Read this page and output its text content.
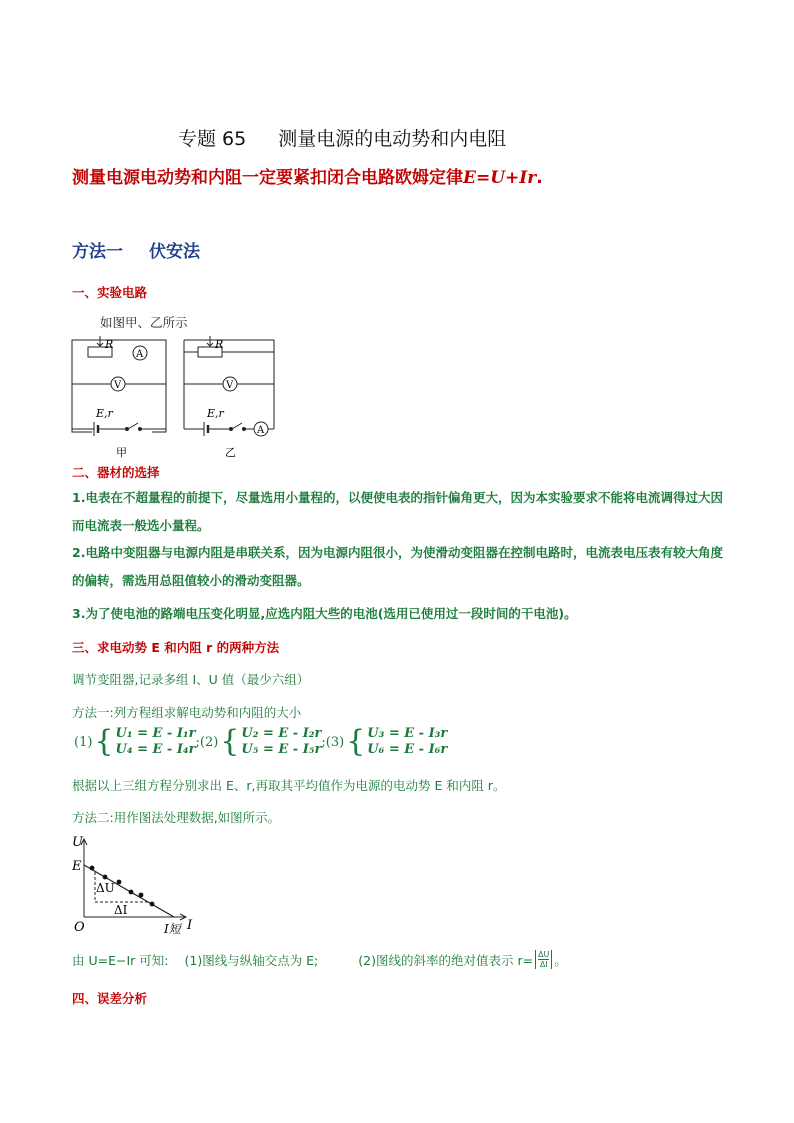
专题 65 测量电源的电动势和内电阻
测量电源电动势和内阻一定要紧扣闭合电路欧姆定律E=U+Ir.
方法一 伏安法
一、实验电路
如图甲、乙所示
R
A
V
E,r
甲
R
V
E,r
A
乙
二、器材的选择
1.电表在不超量程的前提下，尽量选用小量程的，以便使电表的指针偏角更大，因为本实验要求不能将电流调得过大因而电流表一般选小量程。
2.电路中变阻器与电源内阻是串联关系，因为电源内阻很小，为使滑动变阻器在控制电路时，电流表电压表有较大角度的偏转，需选用总阻值较小的滑动变阻器。
3.为了使电池的路端电压变化明显,应选内阻大些的电池(选用已使用过一段时间的干电池)。
三、求电动势 E 和内阻 r 的两种方法
调节变阻器,记录多组 I、U 值（最少六组）
方法一:列方程组求解电动势和内阻的大小
(1) { U₁ = E - I₁r
U₄ = E - I₄r ; (2) { U₂ = E - I₂r
U₅ = E - I₅r ; (3) { U₃ = E - I₃r
U₆ = E - I₆r
根据以上三组方程分别求出 E、r,再取其平均值作为电源的电动势 E 和内阻 r。
方法二:用作图法处理数据,如图所示。
U
E
ΔU
ΔI
O	I短 I
由 U=E−Ir 可知: (1)图线与纵轴交点为 E;	(2)图线的斜率的绝对值表示 $r= \frac{\Delta U}{\Delta I}$ 。
四、误差分析
